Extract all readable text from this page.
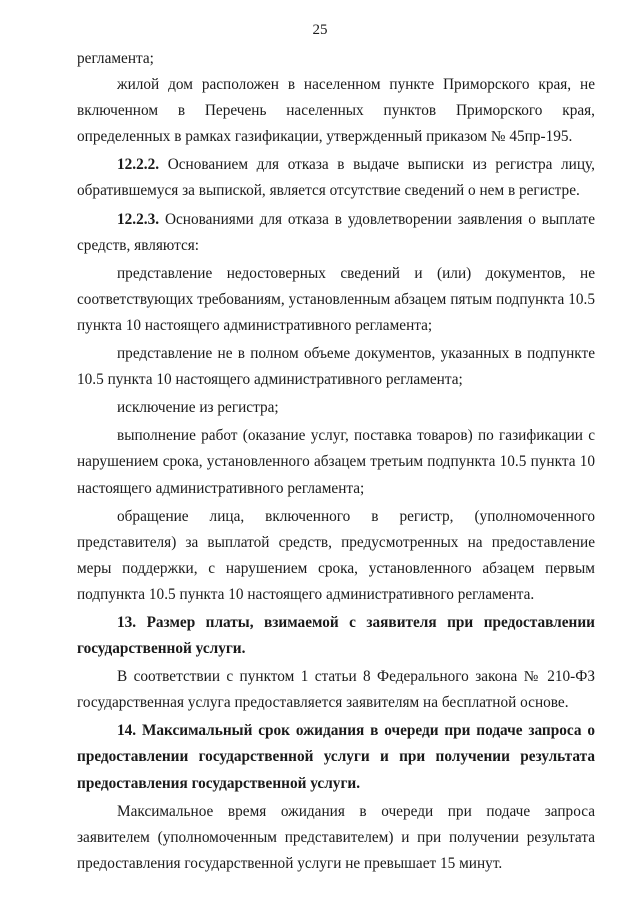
25

регламента;

жилой дом расположен в населенном пункте Приморского края, не включенном в Перечень населенных пунктов Приморского края, определенных в рамках газификации, утвержденный приказом № 45пр-195.

12.2.2. Основанием для отказа в выдаче выписки из регистра лицу, обратившемуся за выпиской, является отсутствие сведений о нем в регистре.

12.2.3. Основаниями для отказа в удовлетворении заявления о выплате средств, являются:

представление недостоверных сведений и (или) документов, не соответствующих требованиям, установленным абзацем пятым подпункта 10.5 пункта 10 настоящего административного регламента;

представление не в полном объеме документов, указанных в подпункте 10.5 пункта 10 настоящего административного регламента;

исключение из регистра;

выполнение работ (оказание услуг, поставка товаров) по газификации с нарушением срока, установленного абзацем третьим подпункта 10.5 пункта 10 настоящего административного регламента;

обращение лица, включенного в регистр, (уполномоченного представителя) за выплатой средств, предусмотренных на предоставление меры поддержки, с нарушением срока, установленного абзацем первым подпункта 10.5 пункта 10 настоящего административного регламента.

13. Размер платы, взимаемой с заявителя при предоставлении государственной услуги.

В соответствии с пунктом 1 статьи 8 Федерального закона № 210-ФЗ государственная услуга предоставляется заявителям на бесплатной основе.

14. Максимальный срок ожидания в очереди при подаче запроса о предоставлении государственной услуги и при получении результата предоставления государственной услуги.

Максимальное время ожидания в очереди при подаче запроса заявителем (уполномоченным представителем) и при получении результата предоставления государственной услуги не превышает 15 минут.
